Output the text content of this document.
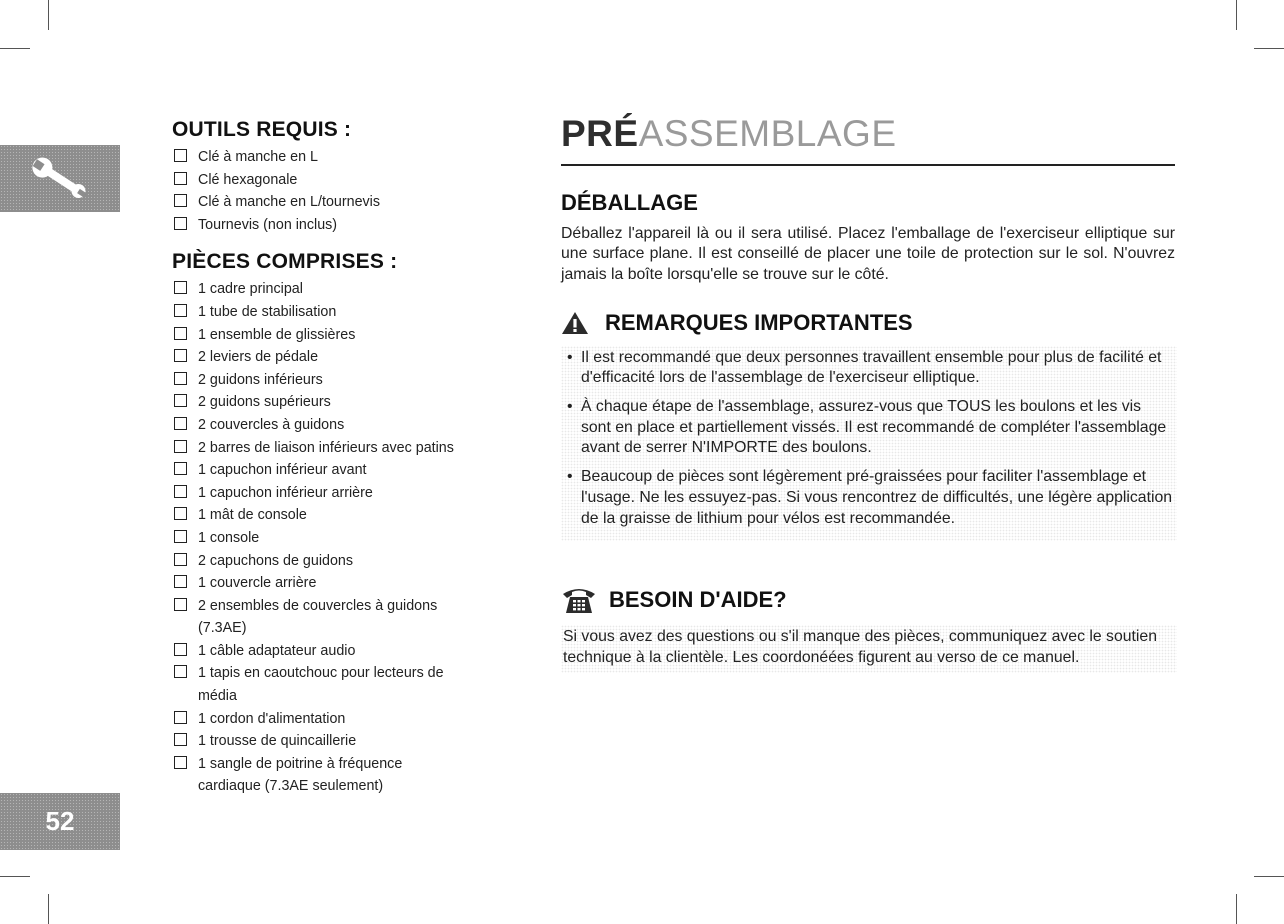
52
OUTILS REQUIS :
Clé à manche en L
Clé hexagonale
Clé à manche en L/tournevis
Tournevis (non inclus)
PIÈCES COMPRISES :
1 cadre principal
1 tube de stabilisation
1 ensemble de glissières
2 leviers de pédale
2 guidons inférieurs
2 guidons supérieurs
2 couvercles à guidons
2 barres de liaison inférieurs avec patins
1 capuchon inférieur avant
1 capuchon inférieur arrière
1 mât de console
1 console
2 capuchons de guidons
1 couvercle arrière
2 ensembles de couvercles à guidons (7.3AE)
1 câble adaptateur audio
1 tapis en caoutchouc pour lecteurs de média
1 cordon d'alimentation
1 trousse de quincaillerie
1 sangle de poitrine à fréquence cardiaque (7.3AE seulement)
PRÉASSEMBLAGE
DÉBALLAGE

Déballez l'appareil là ou il sera utilisé. Placez l'emballage de l'exerciseur elliptique sur une surface plane. Il est conseillé de placer une toile de protection sur le sol. N'ouvrez jamais la boîte lorsqu'elle se trouve sur le côté.

REMARQUES IMPORTANTES
• Il est recommandé que deux personnes travaillent ensemble pour plus de facilité et d'efficacité lors de l'assemblage de l'exerciseur elliptique.
• À chaque étape de l'assemblage, assurez-vous que TOUS les boulons et les vis sont en place et partiellement vissés. Il est recommandé de compléter l'assemblage avant de serrer N'IMPORTE des boulons.
• Beaucoup de pièces sont légèrement pré-graissées pour faciliter l'assemblage et l'usage. Ne les essuyez-pas. Si vous rencontrez de difficultés, une légère application de la graisse de lithium pour vélos est recommandée.
BESOIN D'AIDE?

Si vous avez des questions ou s'il manque des pièces, communiquez avec le soutien technique à la clientèle. Les coordonéées figurent au verso de ce manuel.
